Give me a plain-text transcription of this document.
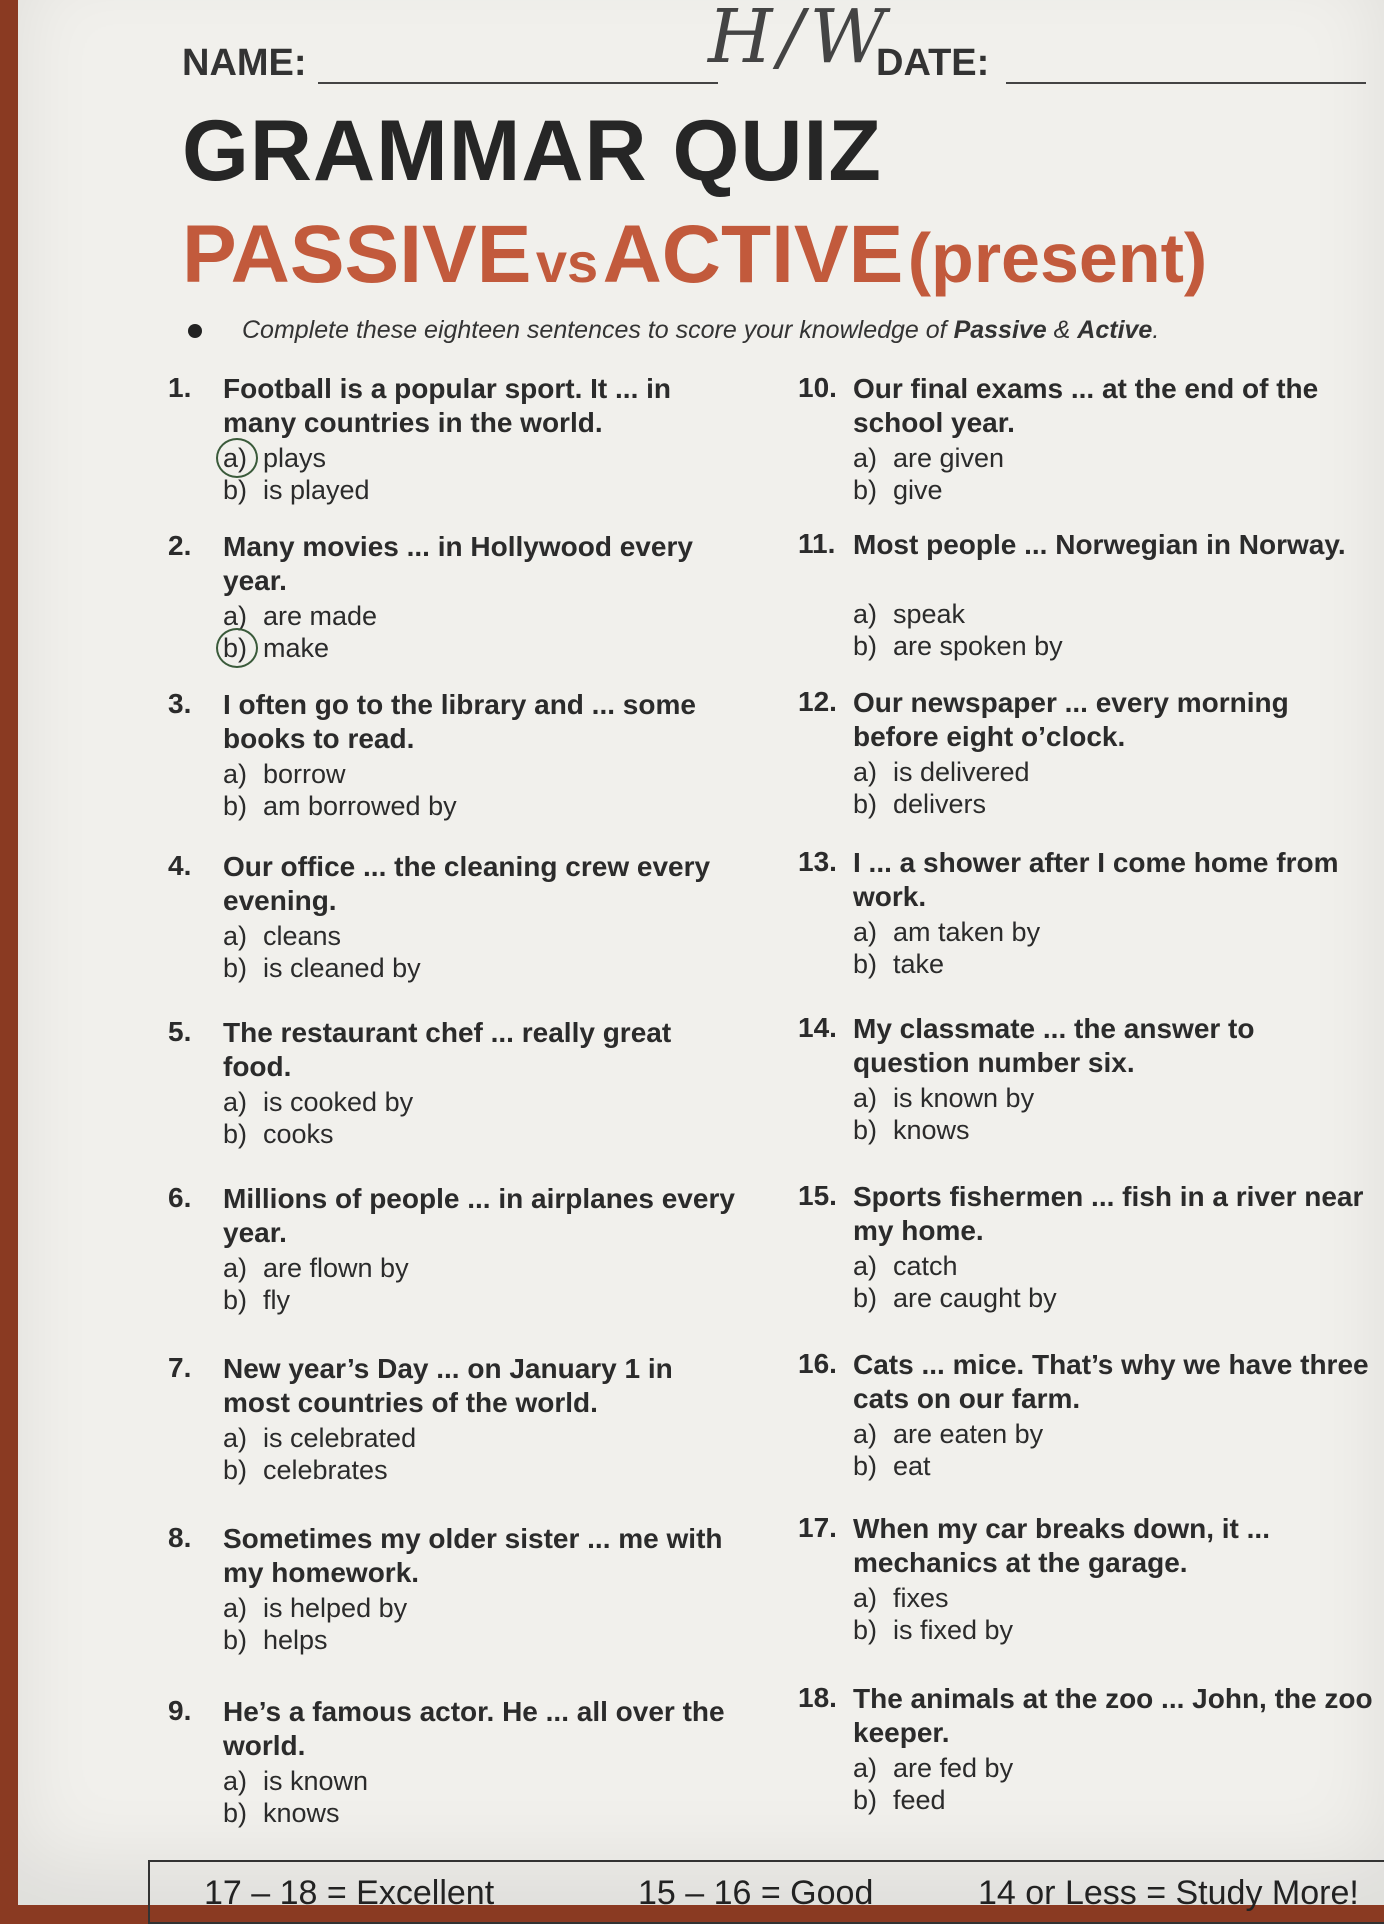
H/W
NAME:	DATE:
GRAMMAR QUIZ
PASSIVE vs ACTIVE (present)
Complete these eighteen sentences to score your knowledge of Passive & Active.
1. Football is a popular sport. It ... in many countries in the world.
a) plays
b) is played
2. Many movies ... in Hollywood every year.
a) are made
b) make
3. I often go to the library and ... some books to read.
a) borrow
b) am borrowed by
4. Our office ... the cleaning crew every evening.
a) cleans
b) is cleaned by
5. The restaurant chef ... really great food.
a) is cooked by
b) cooks
6. Millions of people ... in airplanes every year.
a) are flown by
b) fly
7. New year’s Day ... on January 1 in most countries of the world.
a) is celebrated
b) celebrates
8. Sometimes my older sister ... me with my homework.
a) is helped by
b) helps
9. He’s a famous actor. He ... all over the world.
a) is known
b) knows
10. Our final exams ... at the end of the school year.
a) are given
b) give
11. Most people ... Norwegian in Norway.
a) speak
b) are spoken by
12. Our newspaper ... every morning before eight o’clock.
a) is delivered
b) delivers
13. I ... a shower after I come home from work.
a) am taken by
b) take
14. My classmate ... the answer to question number six.
a) is known by
b) knows
15. Sports fishermen ... fish in a river near my home.
a) catch
b) are caught by
16. Cats ... mice. That’s why we have three cats on our farm.
a) are eaten by
b) eat
17. When my car breaks down, it ... mechanics at the garage.
a) fixes
b) is fixed by
18. The animals at the zoo ... John, the zoo keeper.
a) are fed by
b) feed
17 – 18 = Excellent	15 – 16 = Good	14 or Less = Study More!
